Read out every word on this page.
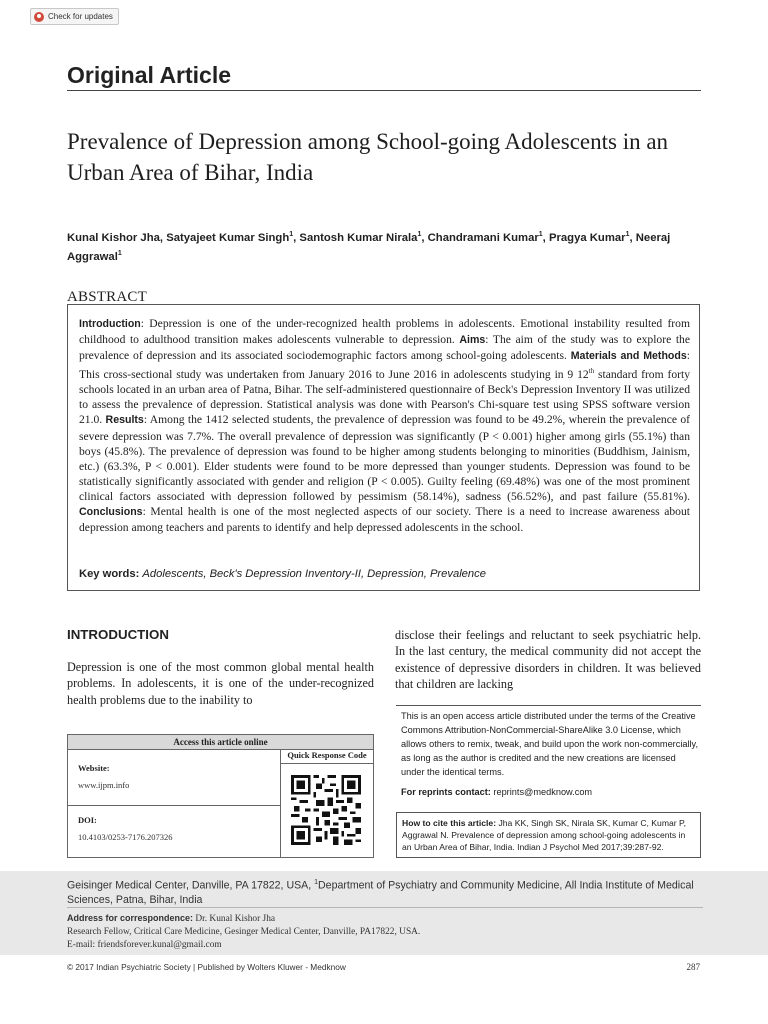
Check for updates
Original Article
Prevalence of Depression among School-going Adolescents in an Urban Area of Bihar, India
Kunal Kishor Jha, Satyajeet Kumar Singh$^1$, Santosh Kumar Nirala$^1$, Chandramani Kumar$^1$, Pragya Kumar$^1$, Neeraj Aggrawal$^1$
ABSTRACT
Introduction: Depression is one of the under-recognized health problems in adolescents. Emotional instability resulted from childhood to adulthood transition makes adolescents vulnerable to depression. Aims: The aim of the study was to explore the prevalence of depression and its associated sociodemographic factors among school-going adolescents. Materials and Methods: This cross-sectional study was undertaken from January 2016 to June 2016 in adolescents studying in 9 12th standard from forty schools located in an urban area of Patna, Bihar. The self-administered questionnaire of Beck's Depression Inventory II was utilized to assess the prevalence of depression. Statistical analysis was done with Pearson's Chi-square test using SPSS software version 21.0. Results: Among the 1412 selected students, the prevalence of depression was found to be 49.2%, wherein the prevalence of severe depression was 7.7%. The overall prevalence of depression was significantly (P < 0.001) higher among girls (55.1%) than boys (45.8%). The prevalence of depression was found to be higher among students belonging to minorities (Buddhism, Jainism, etc.) (63.3%, P < 0.001). Elder students were found to be more depressed than younger students. Depression was found to be statistically significantly associated with gender and religion (P < 0.005). Guilty feeling (69.48%) was one of the most prominent clinical factors associated with depression followed by pessimism (58.14%), sadness (56.52%), and past failure (55.81%). Conclusions: Mental health is one of the most neglected aspects of our society. There is a need to increase awareness about depression among teachers and parents to identify and help depressed adolescents in the school.
Key words: Adolescents, Beck's Depression Inventory-II, Depression, Prevalence
INTRODUCTION
Depression is one of the most common global mental health problems. In adolescents, it is one of the under-recognized health problems due to the inability to
disclose their feelings and reluctant to seek psychiatric help. In the last century, the medical community did not accept the existence of depressive disorders in children. It was believed that children are lacking
Access this article online
Quick Response Code
Website:
www.ijpm.info
DOI:
10.4103/0253-7176.207326
This is an open access article distributed under the terms of the Creative Commons Attribution-NonCommercial-ShareAlike 3.0 License, which allows others to remix, tweak, and build upon the work non-commercially, as long as the author is credited and the new creations are licensed under the identical terms.
For reprints contact: reprints@medknow.com
How to cite this article: Jha KK, Singh SK, Nirala SK, Kumar C, Kumar P, Aggrawal N. Prevalence of depression among school-going adolescents in an Urban Area of Bihar, India. Indian J Psychol Med 2017;39:287-92.
Geisinger Medical Center, Danville, PA 17822, USA, $^1$Department of Psychiatry and Community Medicine, All India Institute of Medical Sciences, Patna, Bihar, India
Address for correspondence: Dr. Kunal Kishor Jha
Research Fellow, Critical Care Medicine, Gesinger Medical Center, Danville, PA17822, USA.
E-mail: friendsforever.kunal@gmail.com
© 2017 Indian Psychiatric Society | Published by Wolters Kluwer - Medknow	287
